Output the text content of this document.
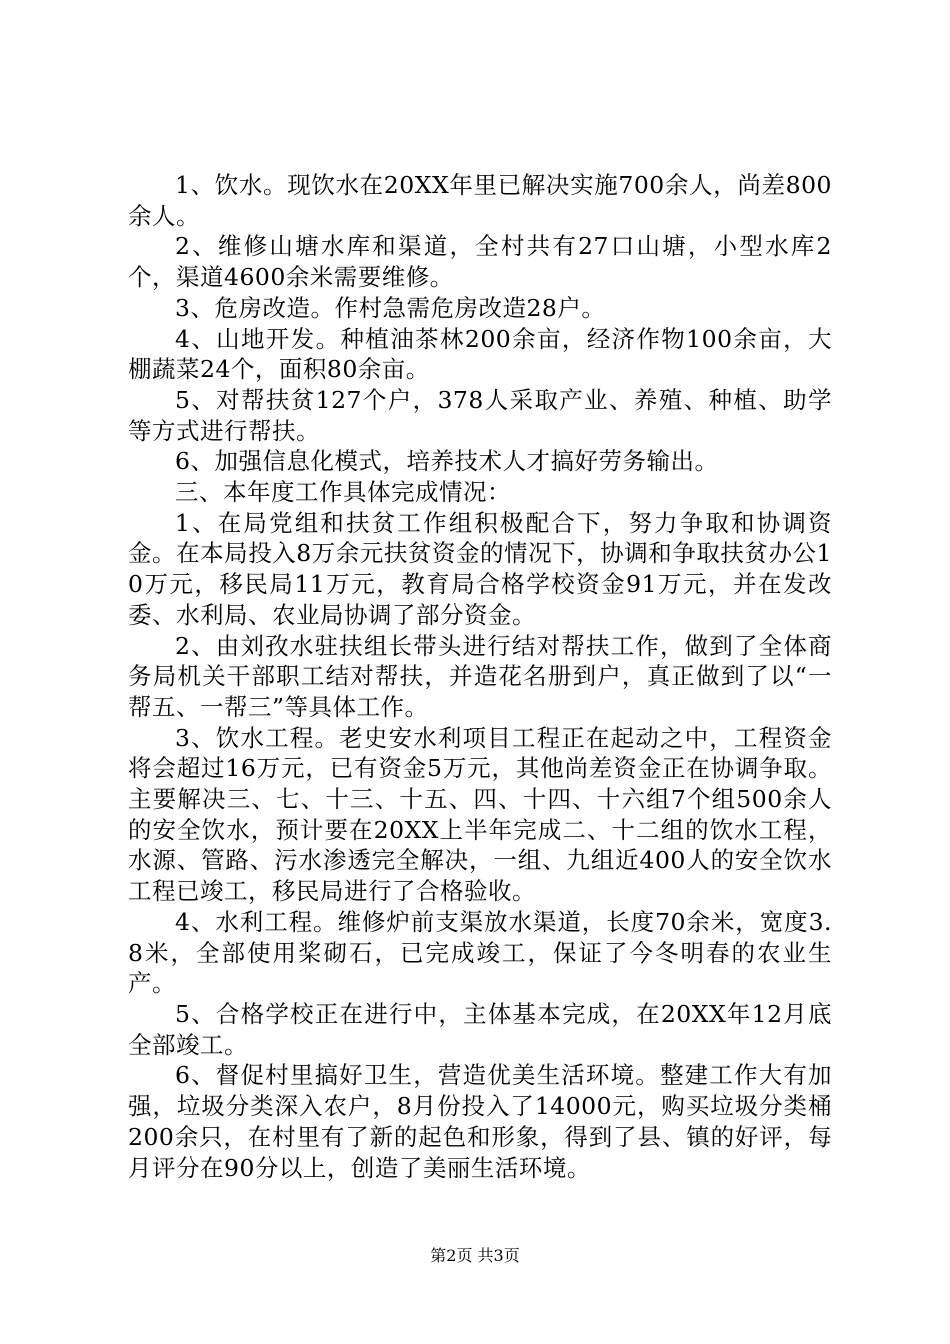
1、饮水。现饮水在20XX年里已解决实施700余人，尚差800余人。

2、维修山塘水库和渠道，全村共有27口山塘，小型水库2个，渠道4600余米需要维修。

3、危房改造。作村急需危房改造28户。

4、山地开发。种植油茶林200余亩，经济作物100余亩，大棚蔬菜24个，面积80余亩。

5、对帮扶贫127个户，378人采取产业、养殖、种植、助学等方式进行帮扶。

6、加强信息化模式，培养技术人才搞好劳务输出。

三、本年度工作具体完成情况：

1、在局党组和扶贫工作组积极配合下，努力争取和协调资金。在本局投入8万余元扶贫资金的情况下，协调和争取扶贫办公10万元，移民局11万元，教育局合格学校资金91万元，并在发改委、水利局、农业局协调了部分资金。

2、由刘孜水驻扶组长带头进行结对帮扶工作，做到了全体商务局机关干部职工结对帮扶，并造花名册到户，真正做到了以“一帮五、一帮三”等具体工作。

3、饮水工程。老史安水利项目工程正在起动之中，工程资金将会超过16万元，已有资金5万元，其他尚差资金正在协调争取。主要解决三、七、十三、十五、四、十四、十六组7个组500余人的安全饮水，预计要在20XX上半年完成二、十二组的饮水工程，水源、管路、污水渗透完全解决，一组、九组近400人的安全饮水工程已竣工，移民局进行了合格验收。

4、水利工程。维修炉前支渠放水渠道，长度70余米，宽度3.8米，全部使用桨砌石，已完成竣工，保证了今冬明春的农业生产。

5、合格学校正在进行中，主体基本完成，在20XX年12月底全部竣工。

6、督促村里搞好卫生，营造优美生活环境。整建工作大有加强，垃圾分类深入农户，8月份投入了14000元，购买垃圾分类桶200余只，在村里有了新的起色和形象，得到了县、镇的好评，每月评分在90分以上，创造了美丽生活环境。

第2页 共3页
